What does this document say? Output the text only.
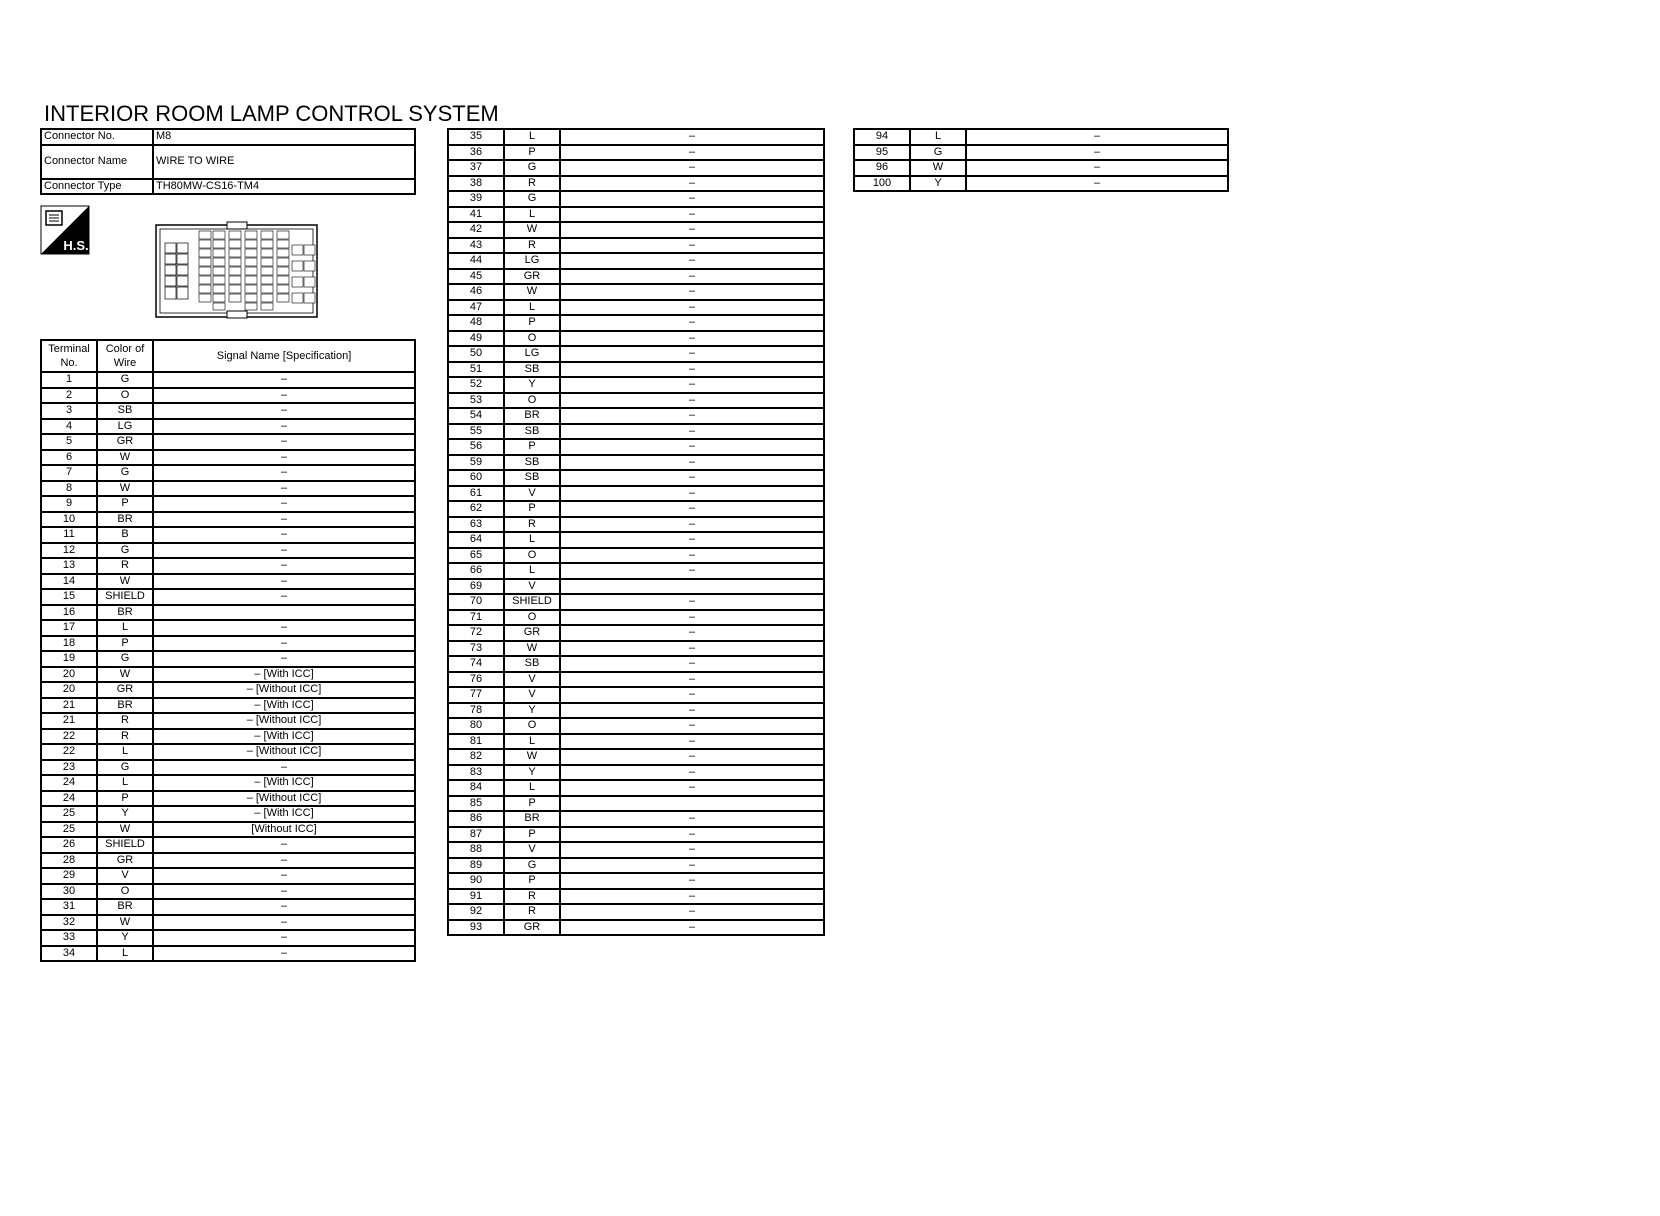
INTERIOR ROOM LAMP CONTROL SYSTEM
Connector No.	M8
Connector Name	WIRE TO WIRE
Connector Type	TH80MW-CS16-TM4
H.S.
Terminal No.	Color of Wire	Signal Name [Specification]
1	G	–
2	O	–
3	SB	–
4	LG	–
5	GR	–
6	W	–
7	G	–
8	W	–
9	P	–
10	BR	–
11	B	–
12	G	–
13	R	–
14	W	–
15	SHIELD	–
16	BR	
17	L	–
18	P	–
19	G	–
20	W	– [With ICC]
20	GR	– [Without ICC]
21	BR	– [With ICC]
21	R	– [Without ICC]
22	R	– [With ICC]
22	L	– [Without ICC]
23	G	–
24	L	– [With ICC]
24	P	– [Without ICC]
25	Y	– [With ICC]
25	W	[Without ICC]
26	SHIELD	–
28	GR	–
29	V	–
30	O	–
31	BR	–
32	W	–
33	Y	–
34	L	–
35	L	–
36	P	–
37	G	–
38	R	–
39	G	–
41	L	–
42	W	–
43	R	–
44	LG	–
45	GR	–
46	W	–
47	L	–
48	P	–
49	O	–
50	LG	–
51	SB	–
52	Y	–
53	O	–
54	BR	–
55	SB	–
56	P	–
59	SB	–
60	SB	–
61	V	–
62	P	–
63	R	–
64	L	–
65	O	–
66	L	–
69	V	
70	SHIELD	–
71	O	–
72	GR	–
73	W	–
74	SB	–
76	V	–
77	V	–
78	Y	–
80	O	–
81	L	–
82	W	–
83	Y	–
84	L	–
85	P	
86	BR	–
87	P	–
88	V	–
89	G	–
90	P	–
91	R	–
92	R	–
93	GR	–
94	L	–
95	G	–
96	W	–
100	Y	–
